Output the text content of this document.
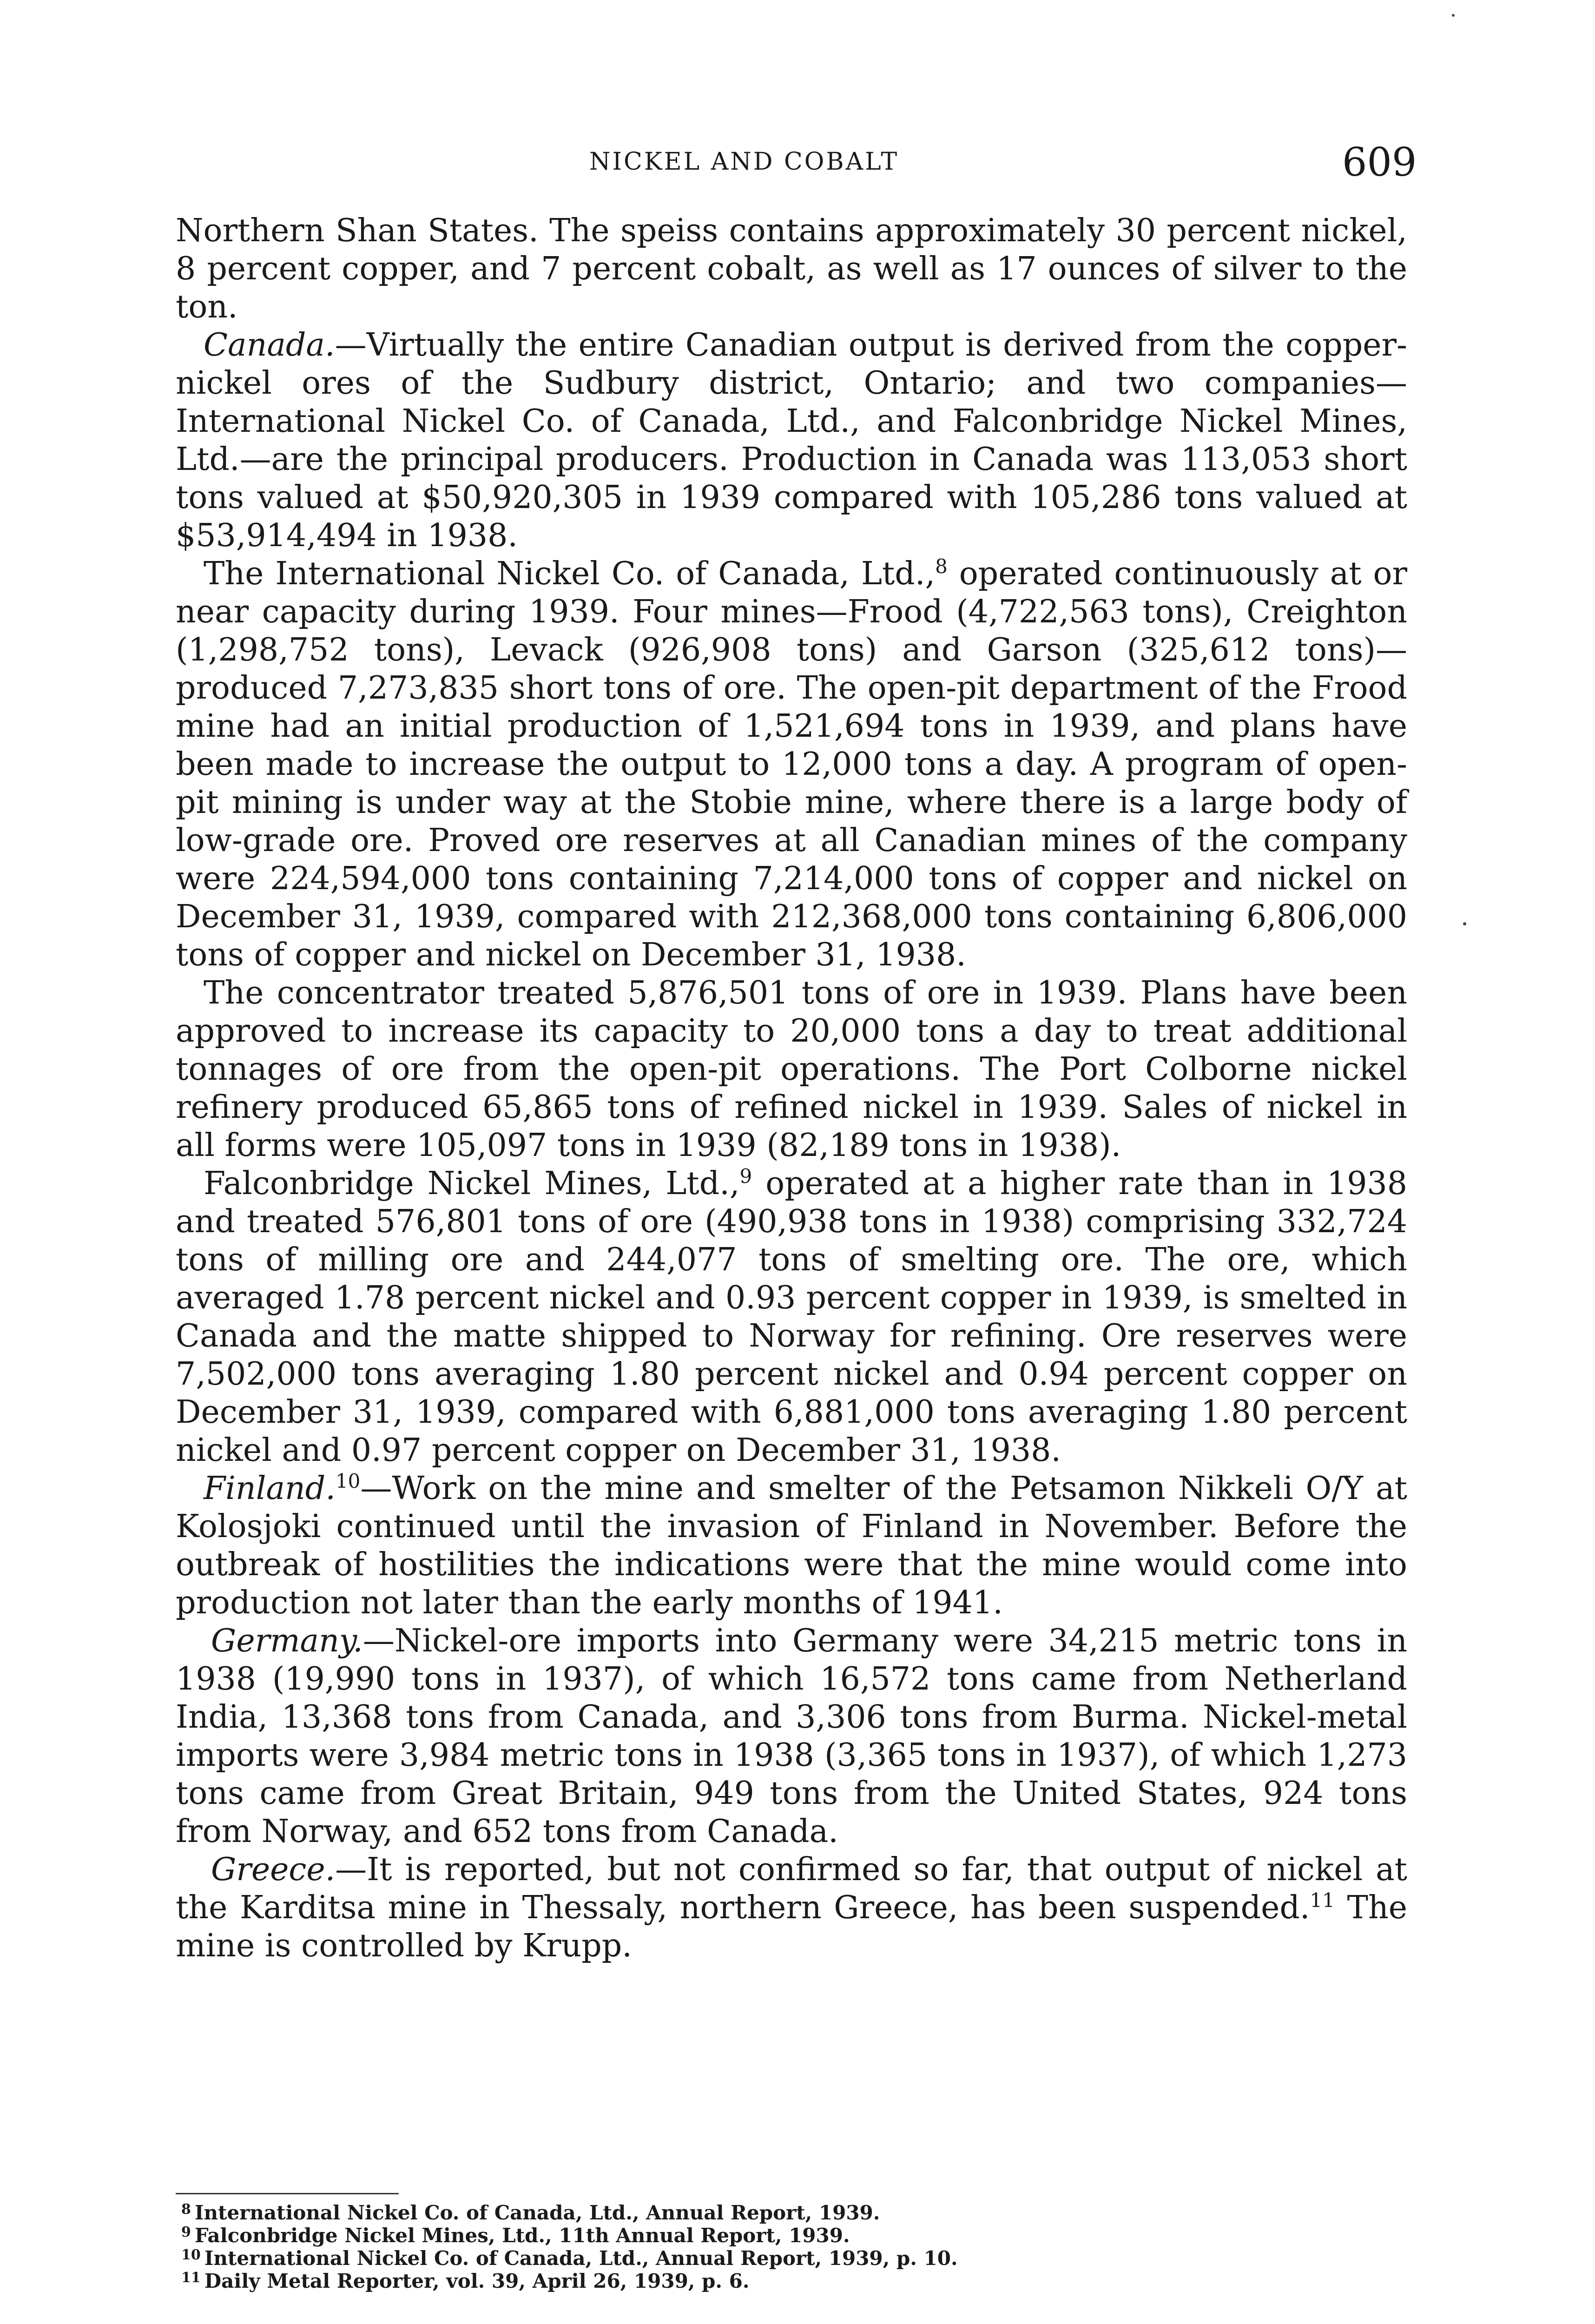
NICKEL AND COBALT	609

Northern Shan States. The speiss contains approximately 30 percent nickel, 8 percent copper, and 7 percent cobalt, as well as 17 ounces of silver to the ton.

Canada.—Virtually the entire Canadian output is derived from the copper-nickel ores of the Sudbury district, Ontario; and two companies—International Nickel Co. of Canada, Ltd., and Falconbridge Nickel Mines, Ltd.—are the principal producers. Production in Canada was 113,053 short tons valued at $50,920,305 in 1939 compared with 105,286 tons valued at $53,914,494 in 1938.

The International Nickel Co. of Canada, Ltd.,$^8$ operated continuously at or near capacity during 1939. Four mines—Frood (4,722,563 tons), Creighton (1,298,752 tons), Levack (926,908 tons) and Garson (325,612 tons)—produced 7,273,835 short tons of ore. The open-pit department of the Frood mine had an initial production of 1,521,694 tons in 1939, and plans have been made to increase the output to 12,000 tons a day. A program of open-pit mining is under way at the Stobie mine, where there is a large body of low-grade ore. Proved ore reserves at all Canadian mines of the company were 224,594,000 tons containing 7,214,000 tons of copper and nickel on December 31, 1939, compared with 212,368,000 tons containing 6,806,000 tons of copper and nickel on December 31, 1938.

The concentrator treated 5,876,501 tons of ore in 1939. Plans have been approved to increase its capacity to 20,000 tons a day to treat additional tonnages of ore from the open-pit operations. The Port Colborne nickel refinery produced 65,865 tons of refined nickel in 1939. Sales of nickel in all forms were 105,097 tons in 1939 (82,189 tons in 1938).

Falconbridge Nickel Mines, Ltd.,$^9$ operated at a higher rate than in 1938 and treated 576,801 tons of ore (490,938 tons in 1938) comprising 332,724 tons of milling ore and 244,077 tons of smelting ore. The ore, which averaged 1.78 percent nickel and 0.93 percent copper in 1939, is smelted in Canada and the matte shipped to Norway for refining. Ore reserves were 7,502,000 tons averaging 1.80 percent nickel and 0.94 percent copper on December 31, 1939, compared with 6,881,000 tons averaging 1.80 percent nickel and 0.97 percent copper on December 31, 1938.

Finland.$^{10}$—Work on the mine and smelter of the Petsamon Nikkeli O/Y at Kolosjoki continued until the invasion of Finland in November. Before the outbreak of hostilities the indications were that the mine would come into production not later than the early months of 1941.

Germany.—Nickel-ore imports into Germany were 34,215 metric tons in 1938 (19,990 tons in 1937), of which 16,572 tons came from Netherland India, 13,368 tons from Canada, and 3,306 tons from Burma. Nickel-metal imports were 3,984 metric tons in 1938 (3,365 tons in 1937), of which 1,273 tons came from Great Britain, 949 tons from the United States, 924 tons from Norway, and 652 tons from Canada.

Greece.—It is reported, but not confirmed so far, that output of nickel at the Karditsa mine in Thessaly, northern Greece, has been suspended.$^{11}$ The mine is controlled by Krupp.

$^8$ International Nickel Co. of Canada, Ltd., Annual Report, 1939.
$^9$ Falconbridge Nickel Mines, Ltd., 11th Annual Report, 1939.
$^{10}$ International Nickel Co. of Canada, Ltd., Annual Report, 1939, p. 10.
$^{11}$ Daily Metal Reporter, vol. 39, April 26, 1939, p. 6.
